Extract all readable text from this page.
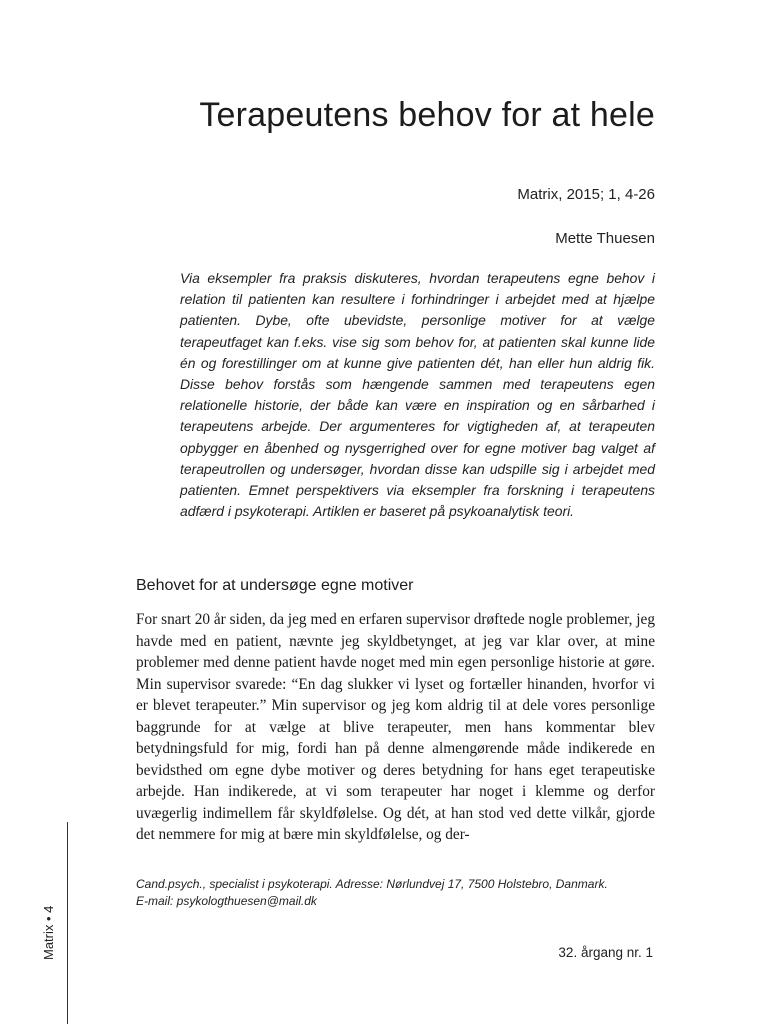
Terapeutens behov for at hele
Matrix, 2015; 1, 4-26
Mette Thuesen

Via eksempler fra praksis diskuteres, hvordan terapeutens egne behov i relation til patienten kan resultere i forhindringer i arbejdet med at hjælpe patienten. Dybe, ofte ubevidste, personlige motiver for at vælge terapeutfaget kan f.eks. vise sig som behov for, at patienten skal kunne lide én og forestillinger om at kunne give patienten dét, han eller hun aldrig fik. Disse behov forstås som hængende sammen med terapeutens egen relationelle historie, der både kan være en inspiration og en sårbarhed i terapeutens arbejde. Der argumenteres for vigtigheden af, at terapeuten opbygger en åbenhed og nysgerrighed over for egne motiver bag valget af terapeutrollen og undersøger, hvordan disse kan udspille sig i arbejdet med patienten. Emnet perspektivers via eksempler fra forskning i terapeutens adfærd i psykoterapi. Artiklen er baseret på psykoanalytisk teori.

Behovet for at undersøge egne motiver

For snart 20 år siden, da jeg med en erfaren supervisor drøftede nogle problemer, jeg havde med en patient, nævnte jeg skyldbetynget, at jeg var klar over, at mine problemer med denne patient havde noget med min egen personlige historie at gøre. Min supervisor svarede: “En dag slukker vi lyset og fortæller hinanden, hvorfor vi er blevet terapeuter.” Min supervisor og jeg kom aldrig til at dele vores personlige baggrunde for at vælge at blive terapeuter, men hans kommentar blev betydningsfuld for mig, fordi han på denne almengørende måde indikerede en bevidsthed om egne dybe motiver og deres betydning for hans eget terapeutiske arbejde. Han indikerede, at vi som terapeuter har noget i klemme og derfor uvægerlig indimellem får skyldfølelse. Og dét, at han stod ved dette vilkår, gjorde det nemmere for mig at bære min skyldfølelse, og der-

Cand.psych., specialist i psykoterapi. Adresse: Nørlundvej 17, 7500 Holstebro, Danmark.
E-mail: psykologthuesen@mail.dk
32. årgang nr. 1
Matrix • 4
